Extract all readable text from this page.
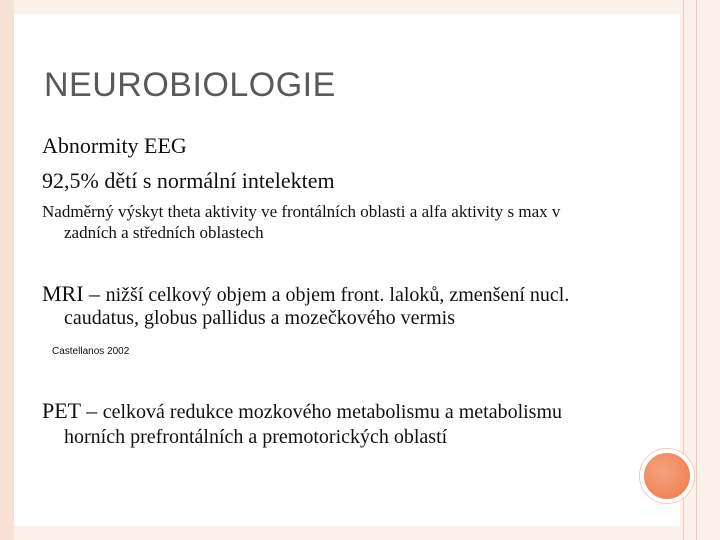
NEUROBIOLOGIE
Abnormity EEG
92,5% dětí s normální intelektem
Nadměrný výskyt theta aktivity ve frontálních oblasti a alfa aktivity s max v
zadních a středních oblastech
MRI – nižší celkový objem a objem front. laloků, zmenšení nucl.
caudatus, globus pallidus a mozečkového vermis
Castellanos 2002
PET – celková redukce mozkového metabolismu a metabolismu
horních prefrontálních a premotorických oblastí
